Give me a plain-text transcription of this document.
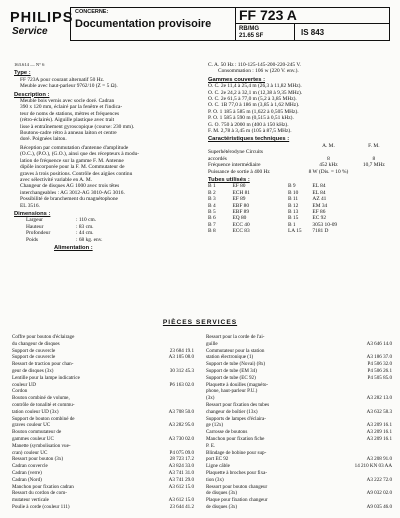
PHILIPS
Service
CONCERNE:
Documentation provisoire
FF 723 A
RB/MG
21.65 SF	IS 843

163.614 — N° 6

Type :

FF 723A pour courant alternatif 50 Hz.

Meuble avec haut-parleur 9762/10 (Z = 5 Ω).

Description :

Meuble bois vernis avec socle doré. Cadran

390 x 120 mm, éclairé par la fenêtre et l'indica-

teur de noms de stations, mètres et fréquences

(rétro-éclairés). Aiguille plastique avec trait

lisse à entraînement gyroscopique (course: 230 mm).

Boutons-cadre rétro à anneau laiton et centre

doré. Poignées laiton.

Réception par commutation d'antenne d'amplitude

(O.C.), (P.O.), (G.O.), ainsi que des récepteurs à modu-

lation de fréquence sur la gamme F. M. Antenne

dipôle incorporée pour la F. M. Commutateur de

graves à trois positions. Contrôle des aigües continu

avec sélectivité variable en A. M.

Changeur de disques AG 1000 avec trois têtes

interchangeables : AG 3012-AG 3010-AG 3016.

Possibilité de branchement du magnétophone

EL 3516.

Dimensions :

Largeur	: 110 cm.
Hauteur	: 83 cm.
Profondeur	: 44 cm.
Poids	: 68 kg. env.

Alimentation :

C. A. 50 Hz : 110-125-145-200-220-245 V.

Consommation : 106 w (220 V. env.).

Gammes couvertes :

O. C. 2e 11,4 à 25,4 m (26,3 à 11,82 MHz).

O. C. 2e 24,2 à 32,1 m (12,38 à 9,35 MHz).

O. C. 2e 61,5 à 77,0 m (5,2 à 3,85 MHz).

O. C. 1B 77,0 à 186 m (3,85 à 1,62 MHz).

P. O. 1 185 à 585 m (1,622 à 0,505 MHz).

P. O. 1 585 à 590 m (0,515 à 0,51 kHz).

G. O. 750 à 2000 m (400 à 150 kHz).

F. M. 2,78 à 3,45 m (105 à 87,5 MHz).

Caractéristiques techniques :

	A. M.	F. M.
Superhétérodyne Circuits		
accordés	8	8
Fréquence intermédiaire	452 kHz	10,7 MHz
Puissance de sortie à 400 Hz	8 W (Dis. = 10 %)	

Tubes utilisés :

B 1	EF 80	B 9	EL 84
B 2	ECH 81	B 10	EL 84
B 3	EF 89	B 11	AZ 41
B 4	EBF 80	B 12	EM 34
B 5	EBF 89	B 13	EF 86
B 6	EQ 80	B 15	EC 92
B 7	ECC 40	B 1	3053 10-09
B 8	ECC 83	LA 15	7181 D
PIÈCES SERVICES
Coffre pour bouton d'éclairage	
du changeur de disques	
Support de couvercle	23 684 19.1
Support de couvercle	A3 105 08.0
Ressort de traction pour chan-	
geur de disques (3x)	30 312 45.3
Lentille pour la lampe indicatrice	
couleur UD	P6 163 02.0
Cordon	
Bouton combiné de volume,	
contrôle de tonalité et commu-	
tation couleur UD (3x)	A3 708 50.0
Support de bouton combiné de	
graves couleur UC	A3 282 95.0
Bouton commutateur de	
gammes couleur UC	A3 730 02.0
Manette (symbolisation vue-	
cran) couleur UC	P4 075 09.0
Ressort pour bouton (3x)	28 723 17.2
Cadran couvercle	A3 824 33.0
Cadran (verre)	A3 741 31.0
Cadran (Nord)	A3 741 29.0
Manchon pour fixation cadran	A3 612 15.0
Ressort du cordon de com-	
mutateur verticale	A3 612 15.0
Poulie à corde (couleur 111)	23 644 41.2
Ressort pour la corde de l'ai-	
guille	A3 646 14.0
Commutateur pour la station	
station électronique (1)	A3 186 37.0
Support de tube (Novai) (8x)	P4 506 32.0
Support de tube (EM 34)	P4 506 26.1
Support de tube (EC 92)	P4 505 85.0
Plaquette à douilles (magnéto-	
phone, haut-parleur P.U.)	
(3x)	A3 282 13.0
Ressort pour fixation des tubes	
changeur de boîtier (13x)	A3 632 58.3
Supports de lampes d'éclaira-	
ge (12x)	A3 209 16.1
Carrosse de boutons	A3 209 16.1
Manchon pour fixation fiche	A3 209 16.1
P. E.	
Blindage de bobine pour sup-	
port EC 92	A3 208 91.0
Ligne câble	14 210 KN 03 AA
Plaquette à broches pour fixa-	
tion (3x)	A3 222 72.0
Ressort pour bouton changeur	
de disques (3x)	A9 032 02.0
Plaque pour fixation changeur	
de disques (3x)	A9 035 46.0
